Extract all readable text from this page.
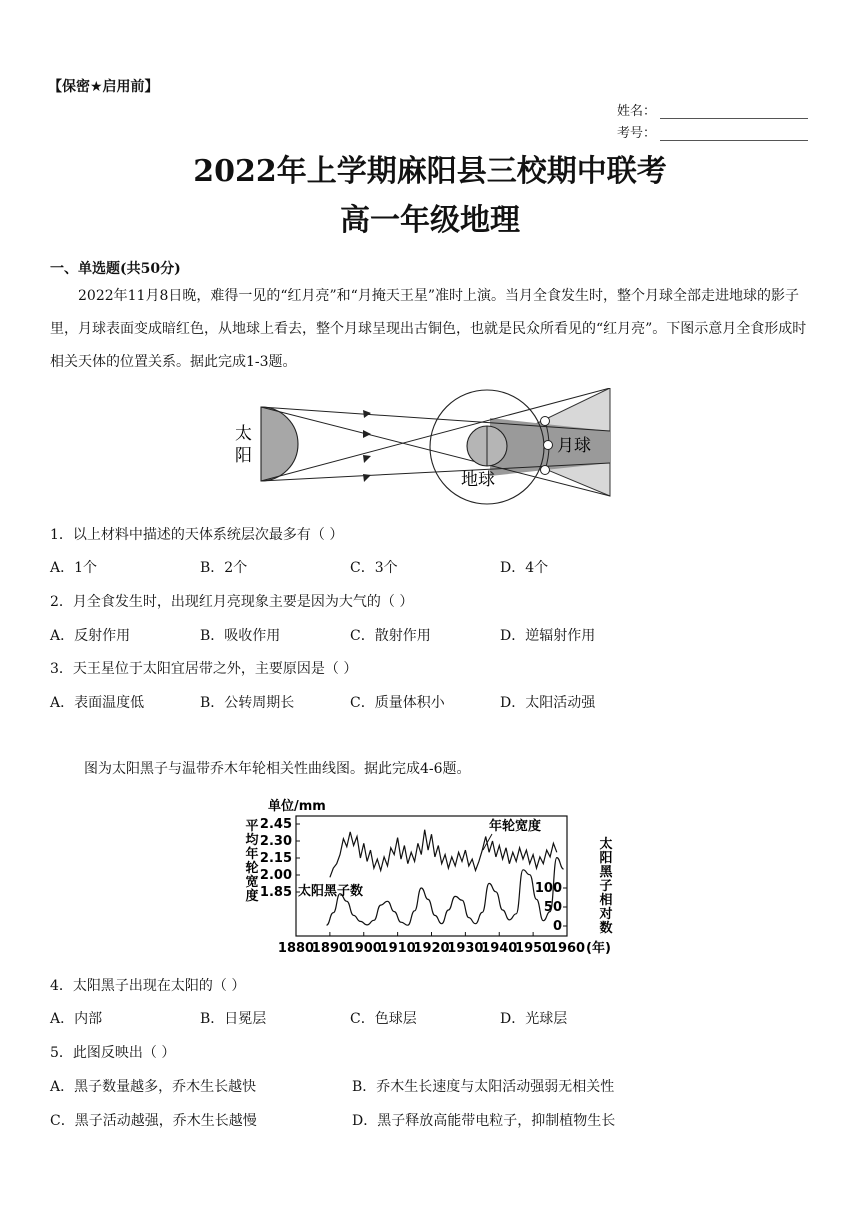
【保密★启用前】
姓名：
考号：
2022年上学期麻阳县三校期中联考
高一年级地理
一、单选题(共50分)
2022年11月8日晚，难得一见的“红月亮”和“月掩天王星”准时上演。当月全食发生时，整个月球全部走进地球的影子里，月球表面变成暗红色，从地球上看去，整个月球呈现出古铜色，也就是民众所看见的“红月亮”。下图示意月全食形成时相关天体的位置关系。据此完成1-3题。
太
阳
地球
月球
1．以上材料中描述的天体系统层次最多有（ ）
A．1个	B．2个	C．3个	D．4个
2．月全食发生时，出现红月亮现象主要是因为大气的（ ）
A．反射作用	B．吸收作用	C．散射作用	D．逆辐射作用
3．天王星位于太阳宜居带之外，主要原因是（ ）
A．表面温度低	B．公转周期长	C．质量体积小	D．太阳活动强
图为太阳黑子与温带乔木年轮相关性曲线图。据此完成4-6题。
单位/mm
平
均
年
轮
宽
度
太
阳
黑
子
相
对
数
2.45
2.30
2.15
2.00
1.85	100
50
0
1880
1890
1900
1910
1920
1930
1940
1950
1960
年轮宽度
太阳黑子数
(年)
4．太阳黑子出现在太阳的（ ）
A．内部	B．日冕层	C．色球层	D．光球层
5．此图反映出（ ）
A．黑子数量越多，乔木生长越快	B．乔木生长速度与太阳活动强弱无相关性
C．黑子活动越强，乔木生长越慢	D．黑子释放高能带电粒子，抑制植物生长
